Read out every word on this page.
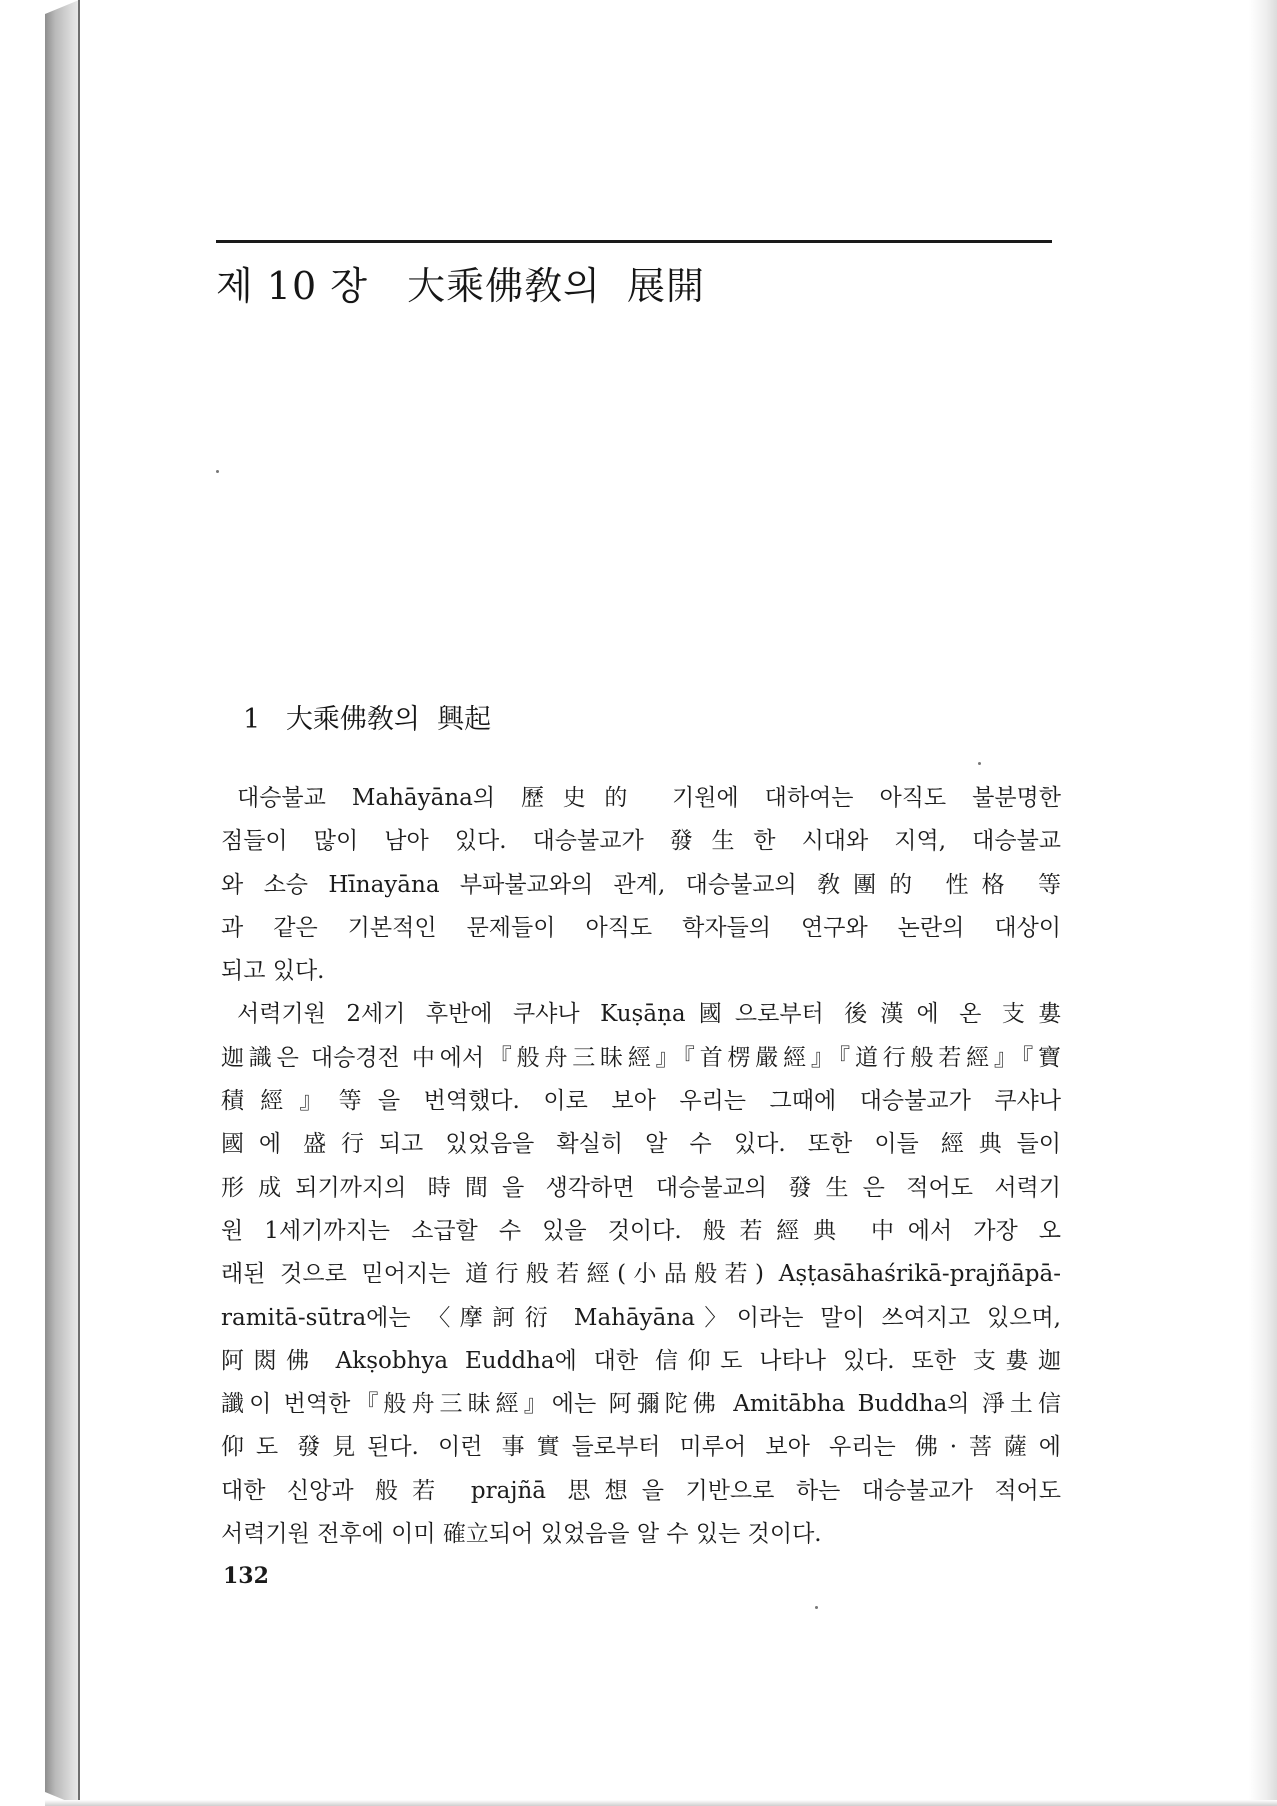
제 10 장   大乘佛敎의  展開
1   大乘佛敎의  興起
대승불교 Mahāyāna의 歷史的 기원에 대하여는 아직도 불분명한
점들이 많이 남아 있다. 대승불교가 發生한 시대와 지역, 대승불교
와 소승 Hīnayāna 부파불교와의 관계, 대승불교의 敎團的 性格 等
과 같은 기본적인 문제들이 아직도 학자들의 연구와 논란의 대상이
되고 있다.
서력기원 2세기 후반에 쿠샤나 Kuṣāṇa國으로부터 後漢에 온 支婁
迦識은 대승경전 中에서『般舟三昧經』『首楞嚴經』『道行般若經』『寶
積經』等을 번역했다. 이로 보아 우리는 그때에 대승불교가 쿠샤나
國에 盛行되고 있었음을 확실히 알 수 있다. 또한 이들 經典들이
形成되기까지의 時間을 생각하면 대승불교의 發生은 적어도 서력기
원 1세기까지는 소급할 수 있을 것이다. 般若經典 中에서 가장 오
래된 것으로 믿어지는 道行般若經(小品般若) Aṣṭasāhaśrikā-prajñāpā-
ramitā-sūtra에는 〈摩訶衍 Mahāyāna〉이라는 말이 쓰여지고 있으며,
阿閦佛 Akṣobhya Euddha에 대한 信仰도 나타나 있다. 또한 支婁迦
讖이 번역한『般舟三昧經』에는 阿彌陀佛 Amitābha Buddha의 淨土信
仰도 發見된다. 이런 事實들로부터 미루어 보아 우리는 佛·菩薩에
대한 신앙과 般若 prajñā 思想을 기반으로 하는 대승불교가 적어도
서력기원 전후에 이미 確立되어 있었음을 알 수 있는 것이다.
132
